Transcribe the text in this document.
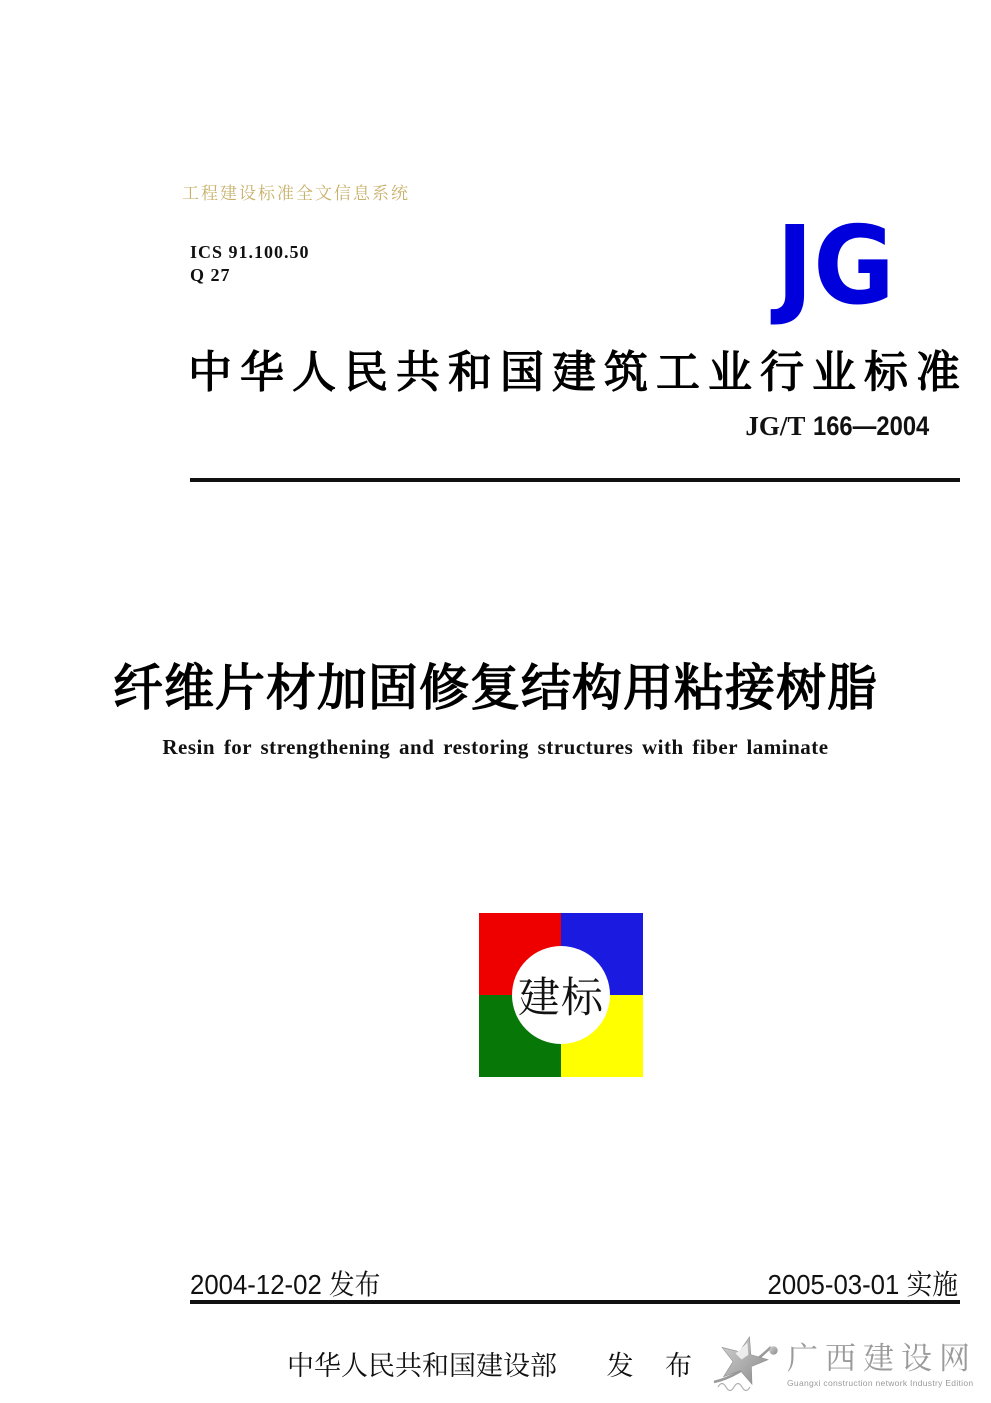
工程建设标准全文信息系统
ICS 91.100.50
Q 27	JG
中华人民共和国建筑工业行业标准
JG/T 166—2004
纤维片材加固修复结构用粘接树脂
Resin for strengthening and restoring structures with fiber laminate
建标
2004-12-02 发布	2005-03-01 实施
中华人民共和国建设部 发 布	广西建设网
Guangxi construction network Industry Edition
